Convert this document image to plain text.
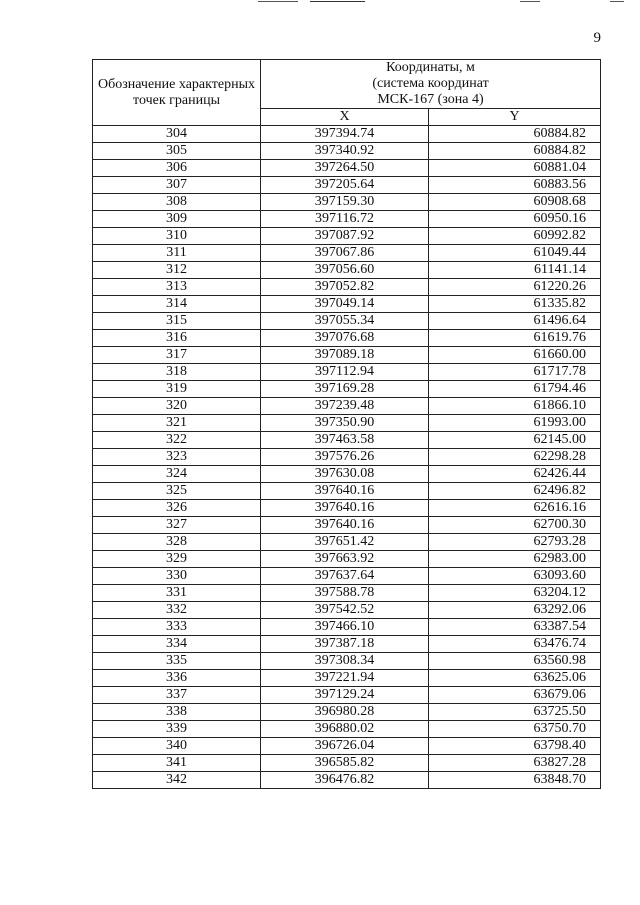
9
Обозначение характерных точек границы	Координаты, м
(система координат
МСК-167 (зона 4)	

	X	Y
304	397394.74	60884.82
305	397340.92	60884.82
306	397264.50	60881.04
307	397205.64	60883.56
308	397159.30	60908.68
309	397116.72	60950.16
310	397087.92	60992.82
311	397067.86	61049.44
312	397056.60	61141.14
313	397052.82	61220.26
314	397049.14	61335.82
315	397055.34	61496.64
316	397076.68	61619.76
317	397089.18	61660.00
318	397112.94	61717.78
319	397169.28	61794.46
320	397239.48	61866.10
321	397350.90	61993.00
322	397463.58	62145.00
323	397576.26	62298.28
324	397630.08	62426.44
325	397640.16	62496.82
326	397640.16	62616.16
327	397640.16	62700.30
328	397651.42	62793.28
329	397663.92	62983.00
330	397637.64	63093.60
331	397588.78	63204.12
332	397542.52	63292.06
333	397466.10	63387.54
334	397387.18	63476.74
335	397308.34	63560.98
336	397221.94	63625.06
337	397129.24	63679.06
338	396980.28	63725.50
339	396880.02	63750.70
340	396726.04	63798.40
341	396585.82	63827.28
342	396476.82	63848.70
